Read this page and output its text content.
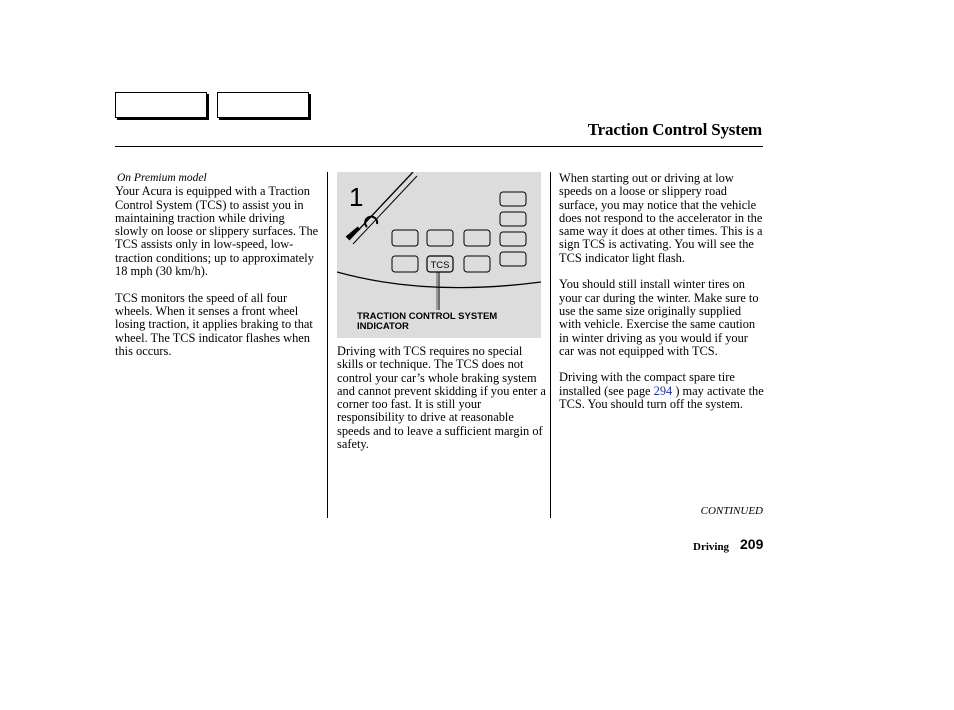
Traction Control System
On Premium model

Your Acura is equipped with a Traction Control System (TCS) to assist you in maintaining traction while driving slowly on loose or slippery surfaces. The TCS assists only in low-speed, low-traction conditions; up to approximately 18 mph (30 km/h).

TCS monitors the speed of all four wheels. When it senses a front wheel losing traction, it applies braking to that wheel. The TCS indicator flashes when this occurs.

1
TCS
TRACTION CONTROL SYSTEM
INDICATOR

Driving with TCS requires no special skills or technique. The TCS does not control your car’s whole braking system and cannot prevent skidding if you enter a corner too fast. It is still your responsibility to drive at reasonable speeds and to leave a sufficient margin of safety.

When starting out or driving at low speeds on a loose or slippery road surface, you may notice that the vehicle does not respond to the accelerator in the same way it does at other times. This is a sign TCS is activating. You will see the TCS indicator light flash.

You should still install winter tires on your car during the winter. Make sure to use the same size originally supplied with vehicle. Exercise the same caution in winter driving as you would if your car was not equipped with TCS.

Driving with the compact spare tire installed (see page 294 ) may activate the TCS. You should turn off the system.

CONTINUED
Driving 209
